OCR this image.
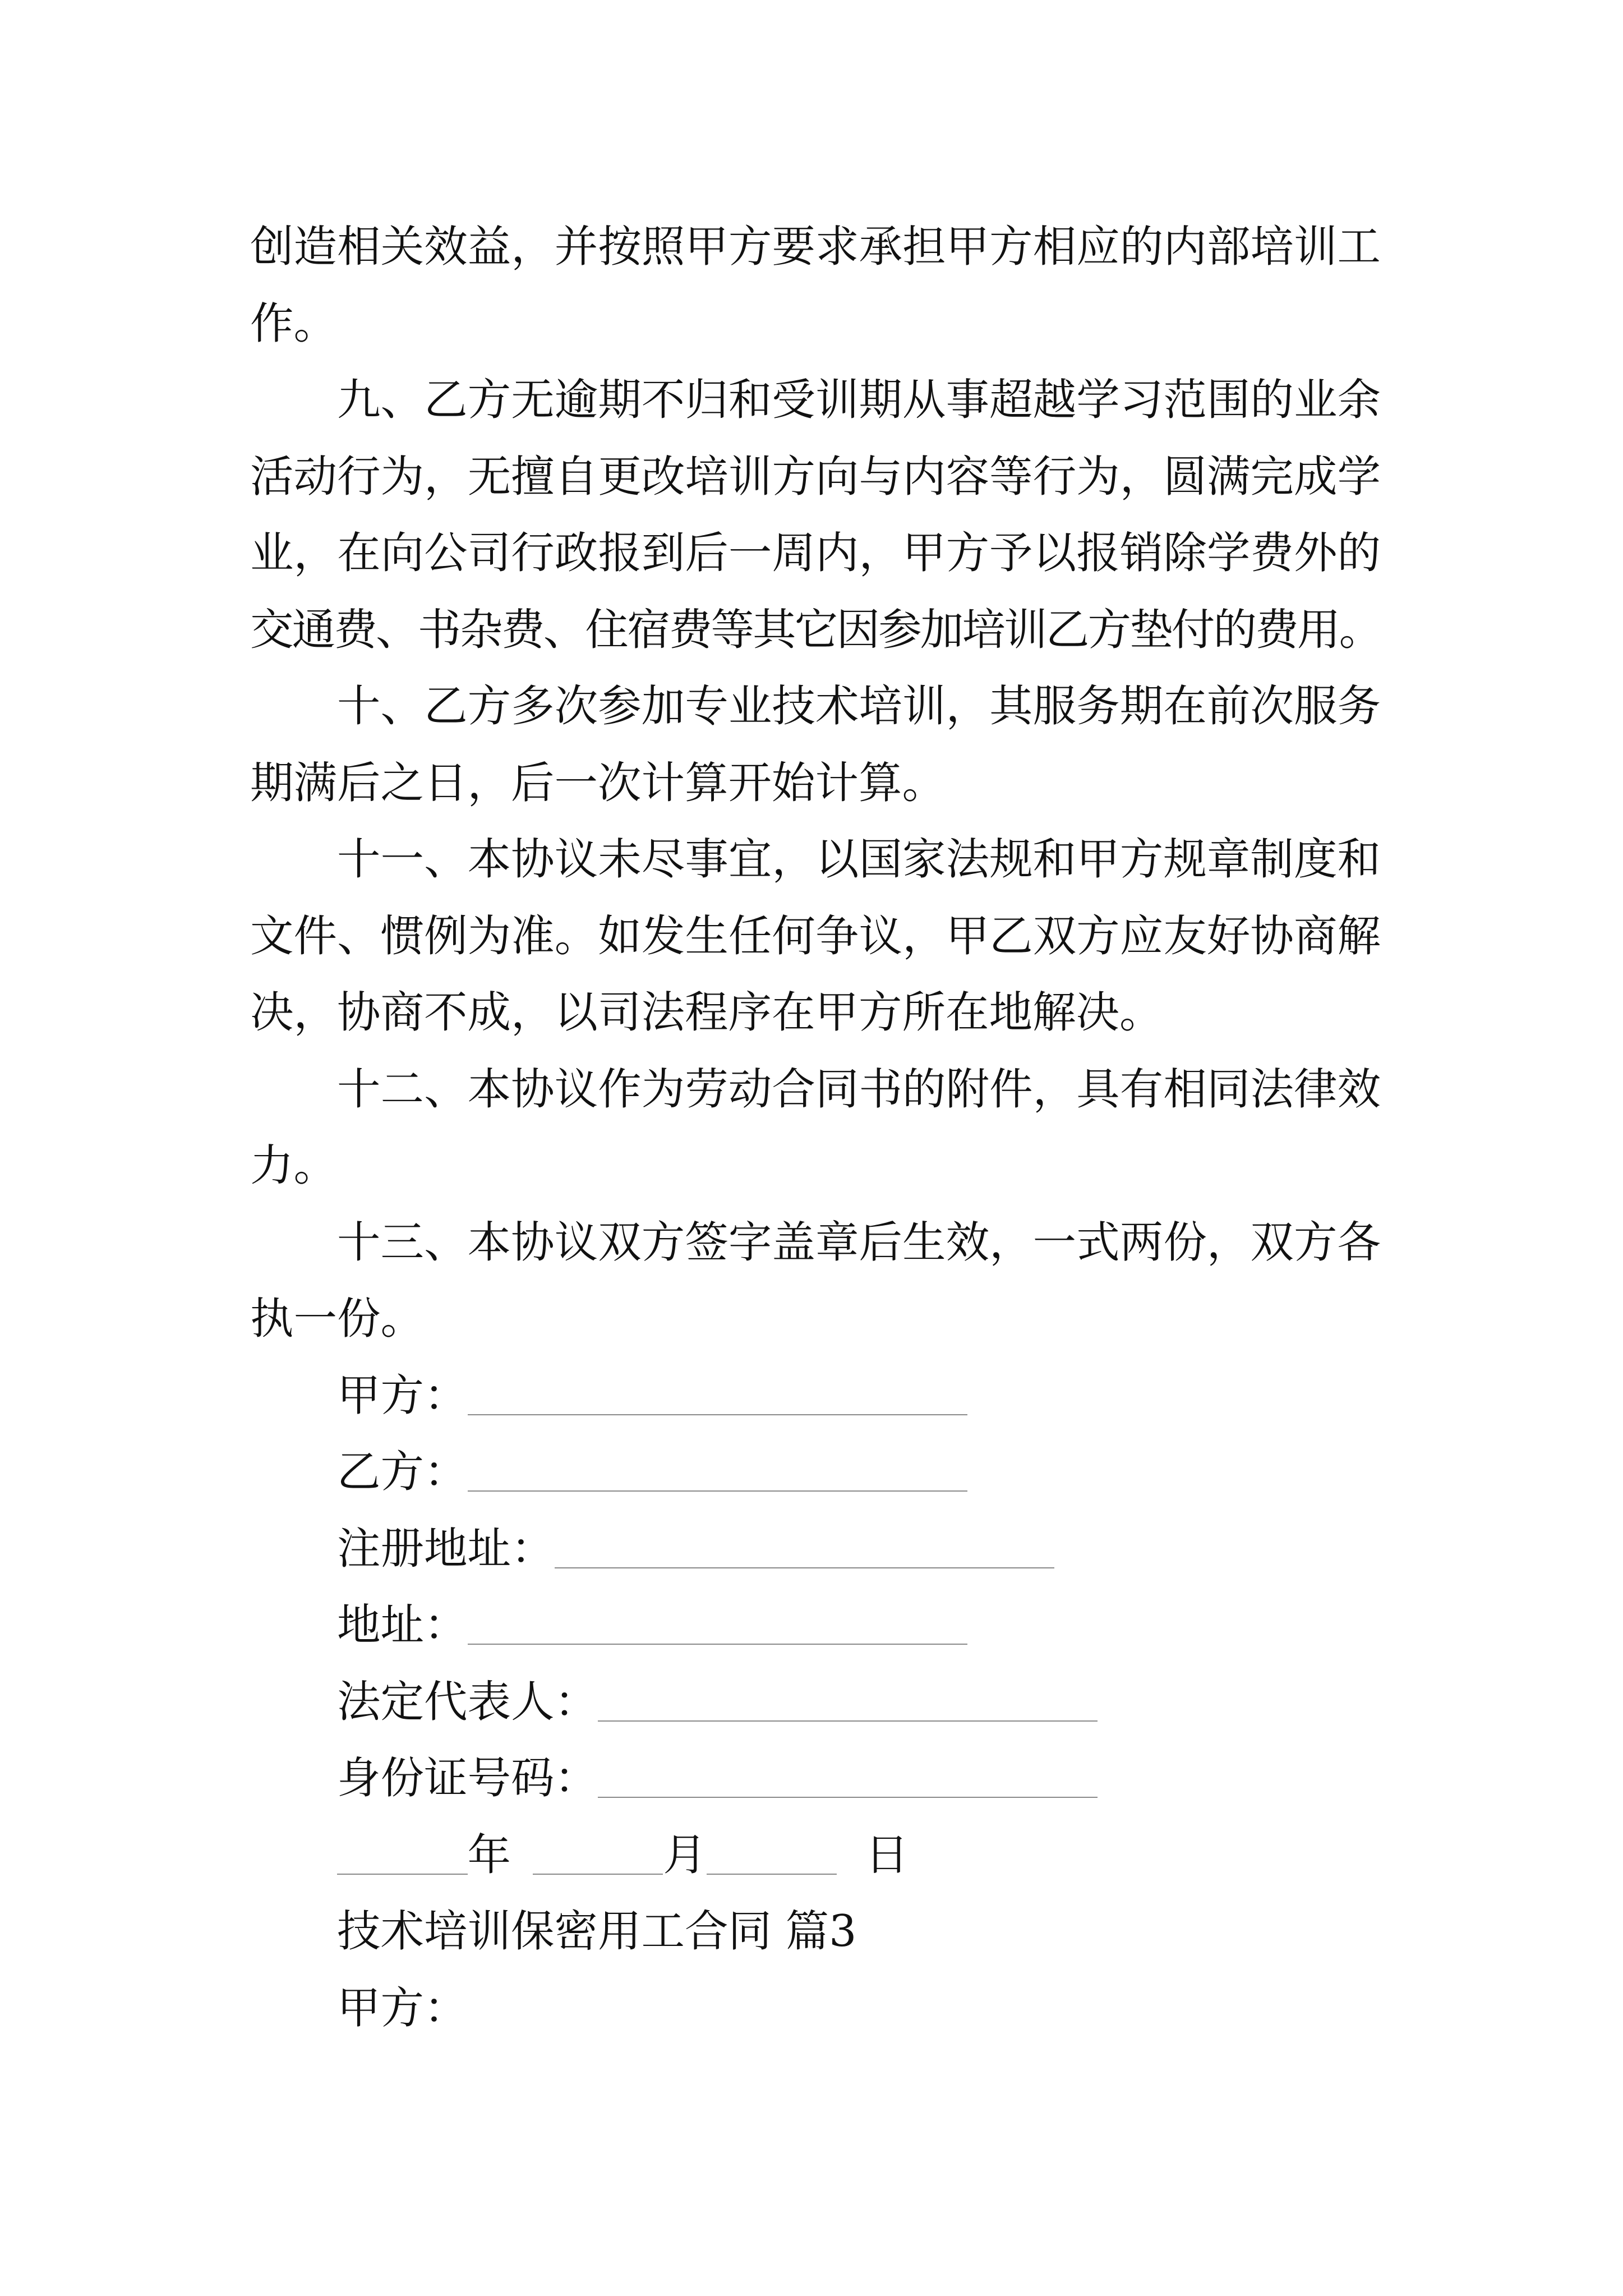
创造相关效益，并按照甲方要求承担甲方相应的内部培训工
作。
九、乙方无逾期不归和受训期从事超越学习范围的业余
活动行为，无擅自更改培训方向与内容等行为，圆满完成学
业，在向公司行政报到后一周内，甲方予以报销除学费外的
交通费、书杂费、住宿费等其它因参加培训乙方垫付的费用。
十、乙方多次参加专业技术培训，其服务期在前次服务
期满后之日，后一次计算开始计算。
十一、本协议未尽事宜，以国家法规和甲方规章制度和
文件、惯例为准。如发生任何争议，甲乙双方应友好协商解
决，协商不成，以司法程序在甲方所在地解决。
十二、本协议作为劳动合同书的附件，具有相同法律效
力。
十三、本协议双方签字盖章后生效，一式两份，双方各
执一份。
甲方：
乙方：
注册地址：
地址：
法定代表人：
身份证号码：
年	月	日
技术培训保密用工合同 篇3
甲方：
